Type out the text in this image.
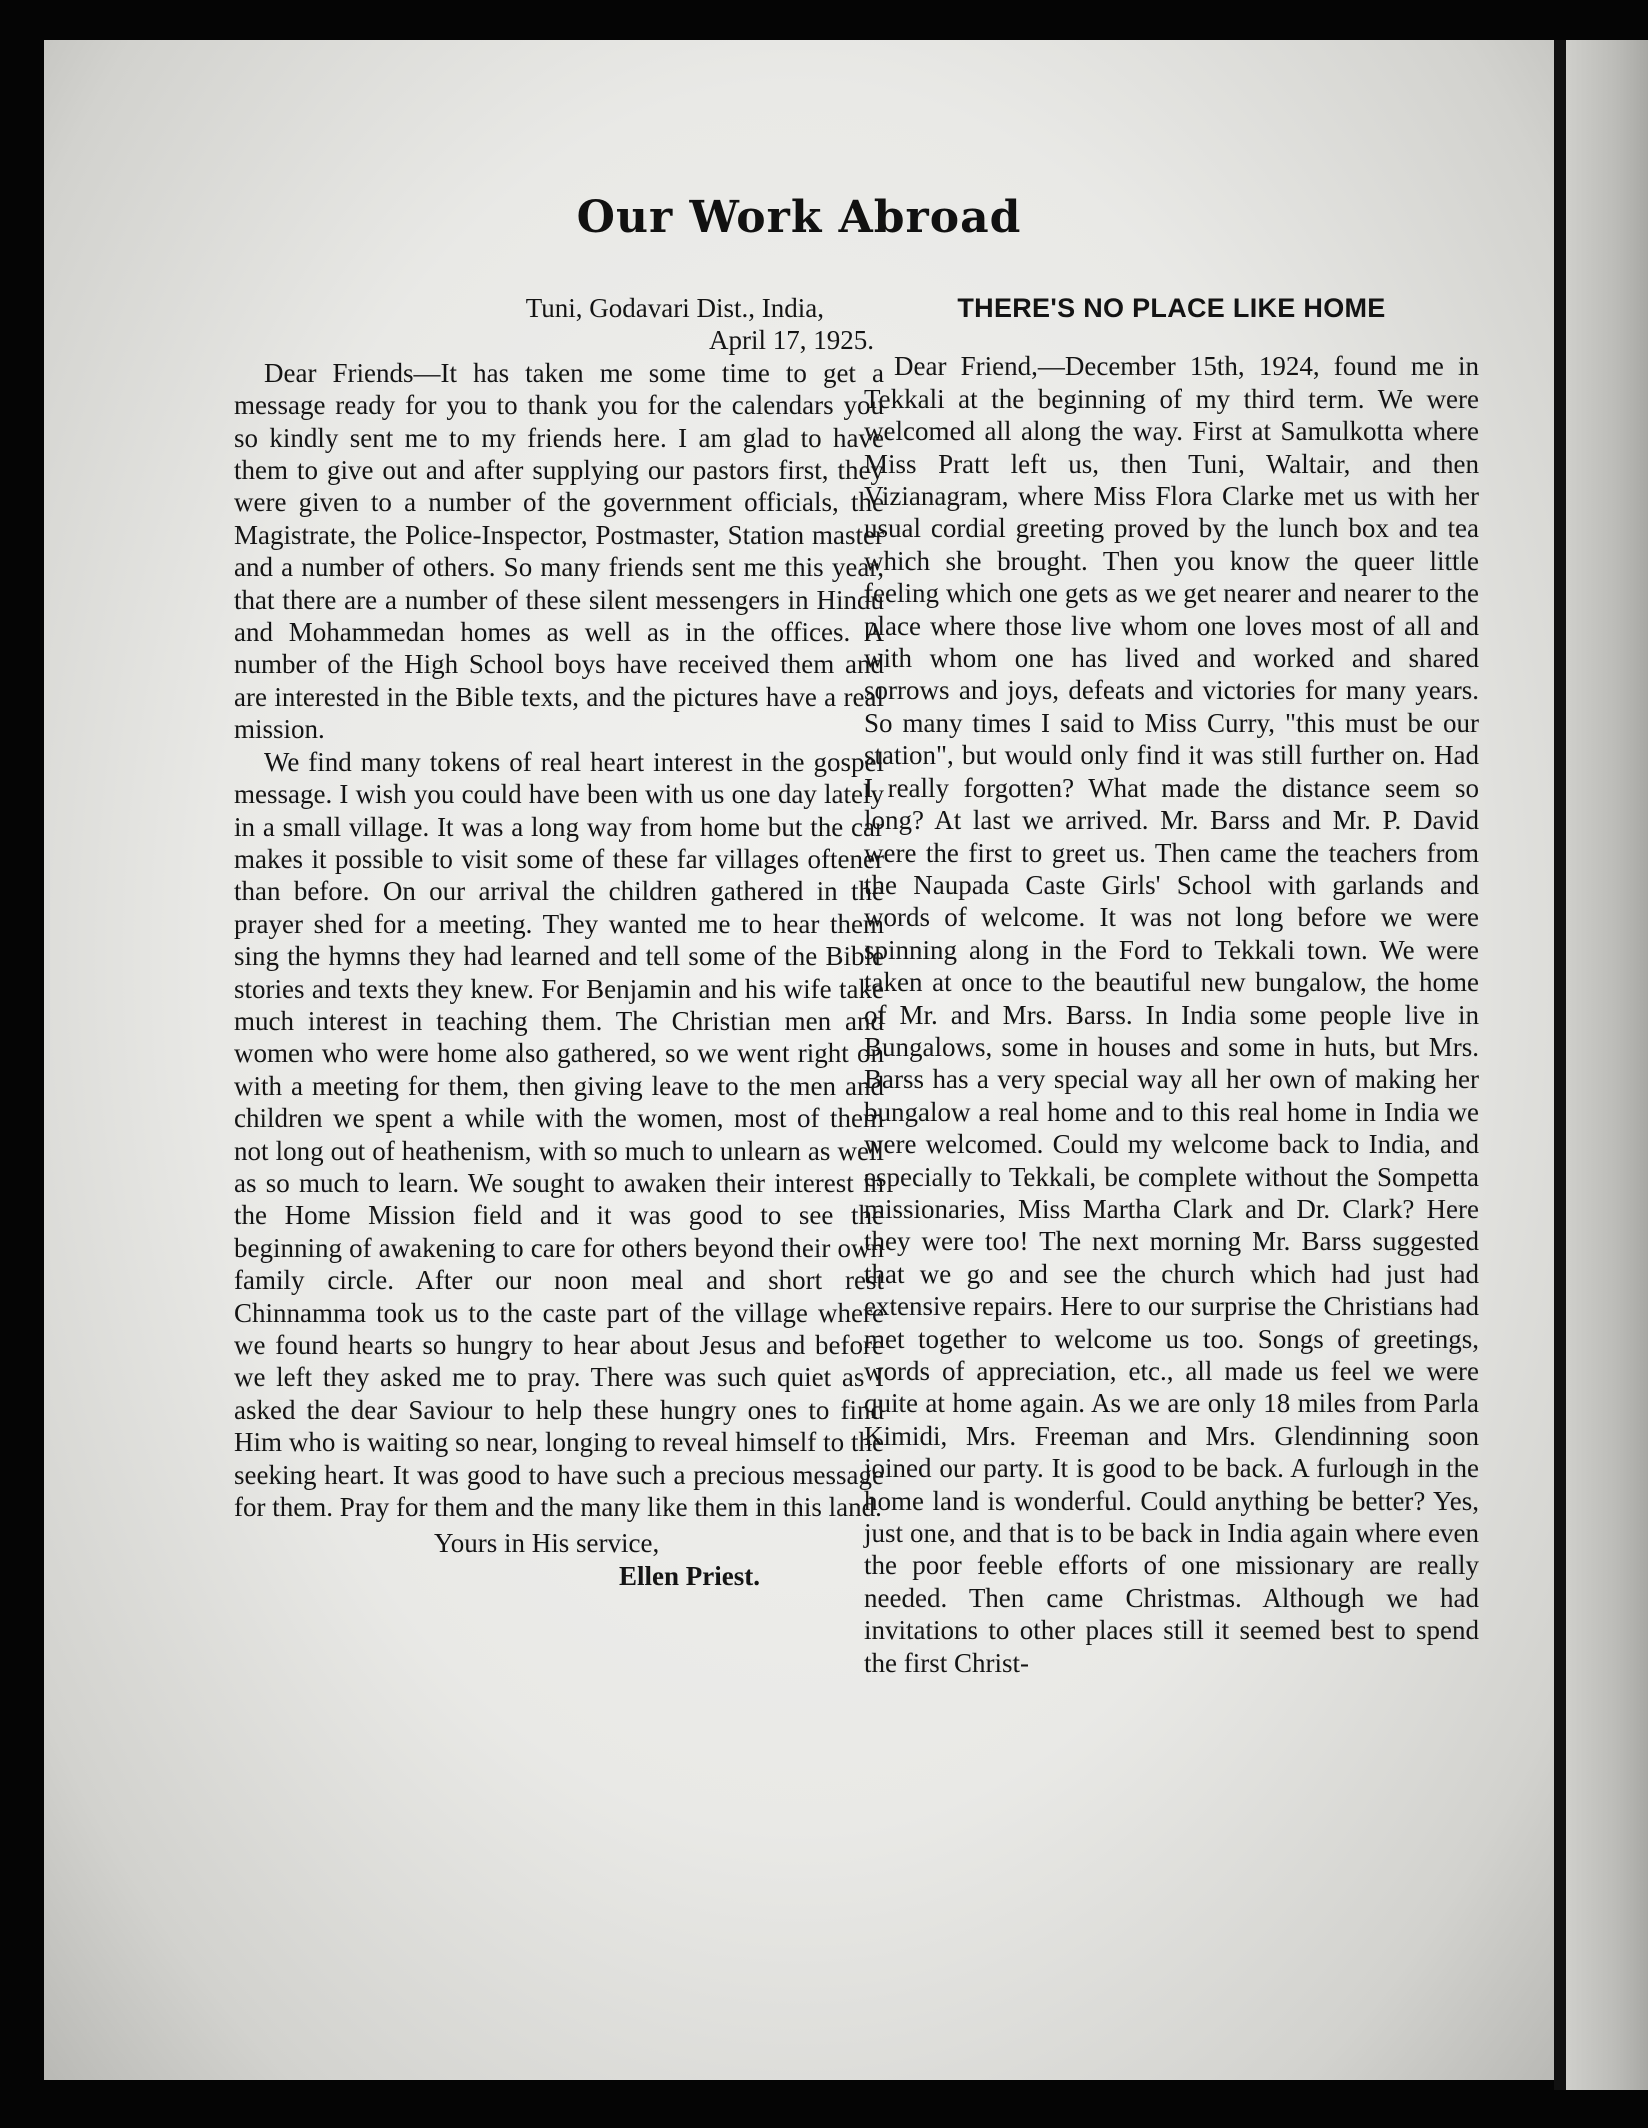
Our Work Abroad
Tuni, Godavari Dist., India,
April 17, 1925.

Dear Friends—It has taken me some time to get a message ready for you to thank you for the calendars you so kindly sent me to my friends here. I am glad to have them to give out and after supplying our pastors first, they were given to a number of the government officials, the Magistrate, the Police-Inspector, Postmaster, Station master and a number of others. So many friends sent me this year, that there are a number of these silent messengers in Hindu and Mohammedan homes as well as in the offices. A number of the High School boys have received them and are interested in the Bible texts, and the pictures have a real mission.

We find many tokens of real heart interest in the gospel message. I wish you could have been with us one day lately in a small village. It was a long way from home but the car makes it possible to visit some of these far villages oftener than before. On our arrival the children gathered in the prayer shed for a meeting. They wanted me to hear them sing the hymns they had learned and tell some of the Bible stories and texts they knew. For Benjamin and his wife take much interest in teaching them. The Christian men and women who were home also gathered, so we went right on with a meeting for them, then giving leave to the men and children we spent a while with the women, most of them not long out of heathenism, with so much to unlearn as well as so much to learn. We sought to awaken their interest in the Home Mission field and it was good to see the beginning of awakening to care for others beyond their own family circle. After our noon meal and short rest Chinnamma took us to the caste part of the village where we found hearts so hungry to hear about Jesus and before we left they asked me to pray. There was such quiet as I asked the dear Saviour to help these hungry ones to find Him who is waiting so near, longing to reveal himself to the seeking heart. It was good to have such a precious message for them. Pray for them and the many like them in this land.

Yours in His service,
Ellen Priest.
THERE'S NO PLACE LIKE HOME

Dear Friend,—December 15th, 1924, found me in Tekkali at the beginning of my third term. We were welcomed all along the way. First at Samulkotta where Miss Pratt left us, then Tuni, Waltair, and then Vizianagram, where Miss Flora Clarke met us with her usual cordial greeting proved by the lunch box and tea which she brought. Then you know the queer little feeling which one gets as we get nearer and nearer to the place where those live whom one loves most of all and with whom one has lived and worked and shared sorrows and joys, defeats and victories for many years. So many times I said to Miss Curry, "this must be our station", but would only find it was still further on. Had I really forgotten? What made the distance seem so long? At last we arrived. Mr. Barss and Mr. P. David were the first to greet us. Then came the teachers from the Naupada Caste Girls' School with garlands and words of welcome. It was not long before we were spinning along in the Ford to Tekkali town. We were taken at once to the beautiful new bungalow, the home of Mr. and Mrs. Barss. In India some people live in Bungalows, some in houses and some in huts, but Mrs. Barss has a very special way all her own of making her bungalow a real home and to this real home in India we were welcomed. Could my welcome back to India, and especially to Tekkali, be complete without the Sompetta missionaries, Miss Martha Clark and Dr. Clark? Here they were too! The next morning Mr. Barss suggested that we go and see the church which had just had extensive repairs. Here to our surprise the Christians had met together to welcome us too. Songs of greetings, words of appreciation, etc., all made us feel we were quite at home again. As we are only 18 miles from Parla Kimidi, Mrs. Freeman and Mrs. Glendinning soon joined our party. It is good to be back. A furlough in the home land is wonderful. Could anything be better? Yes, just one, and that is to be back in India again where even the poor feeble efforts of one missionary are really needed. Then came Christmas. Although we had invitations to other places still it seemed best to spend the first Christ-
